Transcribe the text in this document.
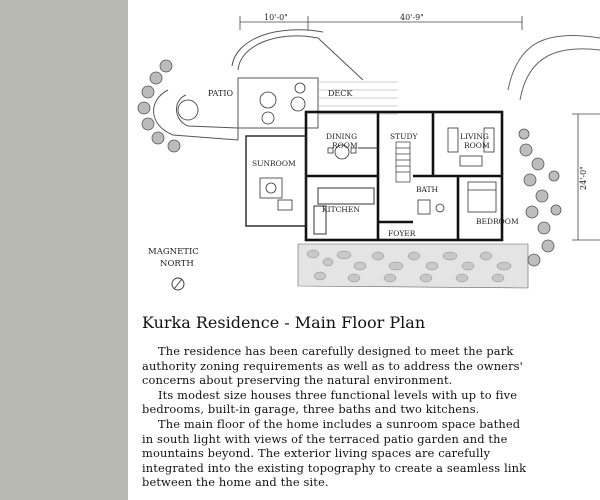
10'-0"	40'-9"
24'-0"
PATIO	DECK
SUNROOM
DINING
ROOM
STUDY	LIVING
ROOM
BATH
KITCHEN
FOYER
BEDROOM
MAGNETIC
NORTH
Kurka Residence - Main Floor Plan
The residence has been carefully designed to meet the park
authority zoning requirements as well as to address the owners'
concerns about preserving the natural environment.
Its modest size houses three functional levels with up to five
bedrooms, built-in garage, three baths and two kitchens.
The main floor of the home includes a sunroom space bathed
in south light with views of the terraced patio garden and the
mountains beyond. The exterior living spaces are carefully
integrated into the existing topography to create a seamless link
between the home and the site.
